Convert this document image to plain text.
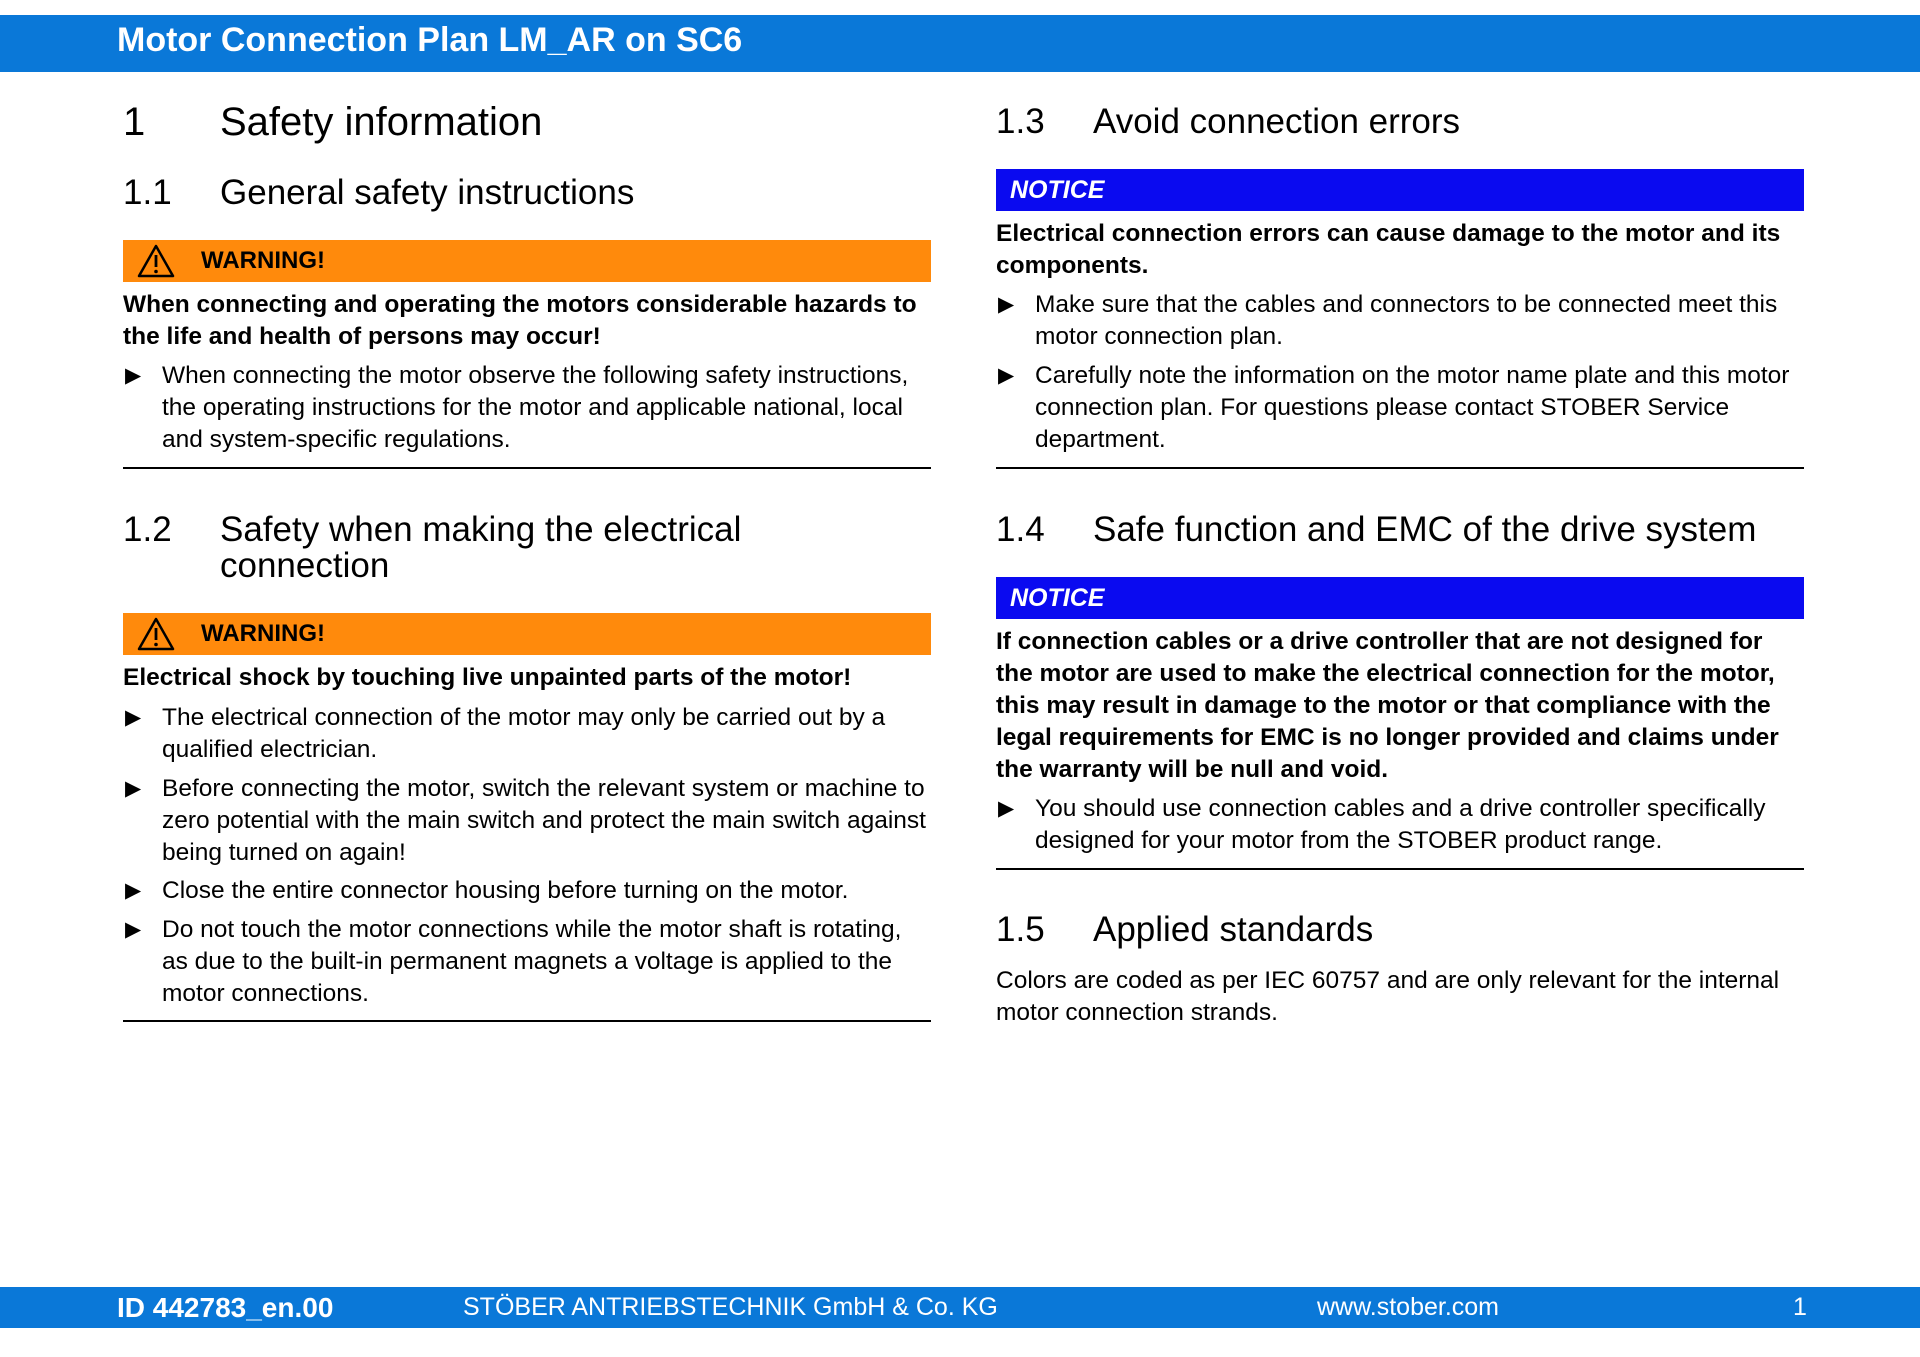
Motor Connection Plan LM_AR on SC6
1 Safety information
1.1 General safety instructions
WARNING!
When connecting and operating the motors considerable hazards to the life and health of persons may occur!
▶ When connecting the motor observe the following safety instructions, the operating instructions for the motor and applicable national, local and system-specific regulations.
1.2 Safety when making the electrical
connection
WARNING!
Electrical shock by touching live unpainted parts of the motor!
▶ The electrical connection of the motor may only be carried out by a qualified electrician.
▶ Before connecting the motor, switch the relevant system or machine to zero potential with the main switch and protect the main switch against being turned on again!
▶ Close the entire connector housing before turning on the motor.
▶ Do not touch the motor connections while the motor shaft is rotating, as due to the built-in permanent magnets a voltage is applied to the motor connections.
1.3 Avoid connection errors
NOTICE
Electrical connection errors can cause damage to the motor and its components.
▶ Make sure that the cables and connectors to be connected meet this motor connection plan.
▶ Carefully note the information on the motor name plate and this motor connection plan. For questions please contact STOBER Service department.
1.4 Safe function and EMC of the drive system
NOTICE
If connection cables or a drive controller that are not designed for the motor are used to make the electrical connection for the motor, this may result in damage to the motor or that compliance with the legal requirements for EMC is no longer provided and claims under the warranty will be null and void.
▶ You should use connection cables and a drive controller specifically designed for your motor from the STOBER product range.
1.5 Applied standards
Colors are coded as per IEC 60757 and are only relevant for the internal motor connection strands.
ID 442783_en.00	STÖBER ANTRIEBSTECHNIK GmbH & Co. KG	www.stober.com	1
